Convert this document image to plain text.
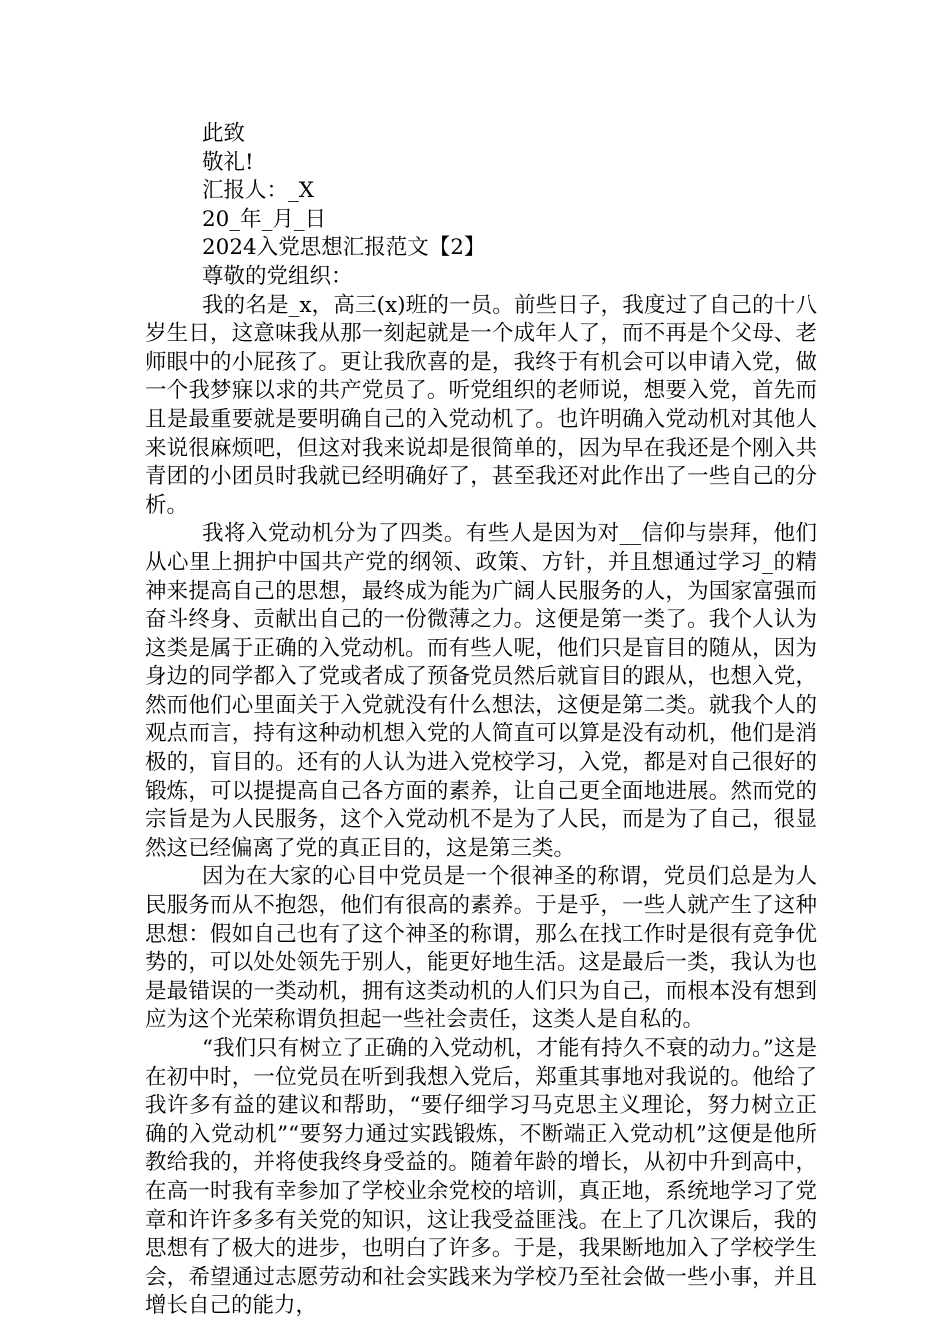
此致

敬礼!

汇报人：_X

20_年_月_日

2024入党思想汇报范文【2】

尊敬的党组织：

我的名是_x，高三(x)班的一员。前些日子，我度过了自己的十八岁生日，这意味我从那一刻起就是一个成年人了，而不再是个父母、老师眼中的小屁孩了。更让我欣喜的是，我终于有机会可以申请入党，做一个我梦寐以求的共产党员了。听党组织的老师说，想要入党，首先而且是最重要就是要明确自己的入党动机了。也许明确入党动机对其他人来说很麻烦吧，但这对我来说却是很简单的，因为早在我还是个刚入共青团的小团员时我就已经明确好了，甚至我还对此作出了一些自己的分析。

我将入党动机分为了四类。有些人是因为对__信仰与崇拜，他们从心里上拥护中国共产党的纲领、政策、方针，并且想通过学习_的精神来提高自己的思想，最终成为能为广阔人民服务的人，为国家富强而奋斗终身、贡献出自己的一份微薄之力。这便是第一类了。我个人认为这类是属于正确的入党动机。而有些人呢，他们只是盲目的随从，因为身边的同学都入了党或者成了预备党员然后就盲目的跟从，也想入党，然而他们心里面关于入党就没有什么想法，这便是第二类。就我个人的观点而言，持有这种动机想入党的人简直可以算是没有动机，他们是消极的，盲目的。还有的人认为进入党校学习，入党，都是对自己很好的锻炼，可以提提高自己各方面的素养，让自己更全面地进展。然而党的宗旨是为人民服务，这个入党动机不是为了人民，而是为了自己，很显然这已经偏离了党的真正目的，这是第三类。

因为在大家的心目中党员是一个很神圣的称谓，党员们总是为人民服务而从不抱怨，他们有很高的素养。于是乎，一些人就产生了这种思想：假如自己也有了这个神圣的称谓，那么在找工作时是很有竞争优势的，可以处处领先于别人，能更好地生活。这是最后一类，我认为也是最错误的一类动机，拥有这类动机的人们只为自己，而根本没有想到应为这个光荣称谓负担起一些社会责任，这类人是自私的。

“我们只有树立了正确的入党动机，才能有持久不衰的动力。”这是在初中时，一位党员在听到我想入党后，郑重其事地对我说的。他给了我许多有益的建议和帮助，“要仔细学习马克思主义理论，努力树立正确的入党动机”“要努力通过实践锻炼，不断端正入党动机”这便是他所教给我的，并将使我终身受益的。随着年龄的增长，从初中升到高中，在高一时我有幸参加了学校业余党校的培训，真正地，系统地学习了党章和许许多多有关党的知识，这让我受益匪浅。在上了几次课后，我的思想有了极大的进步，也明白了许多。于是，我果断地加入了学校学生会，希望通过志愿劳动和社会实践来为学校乃至社会做一些小事，并且增长自己的能力，
